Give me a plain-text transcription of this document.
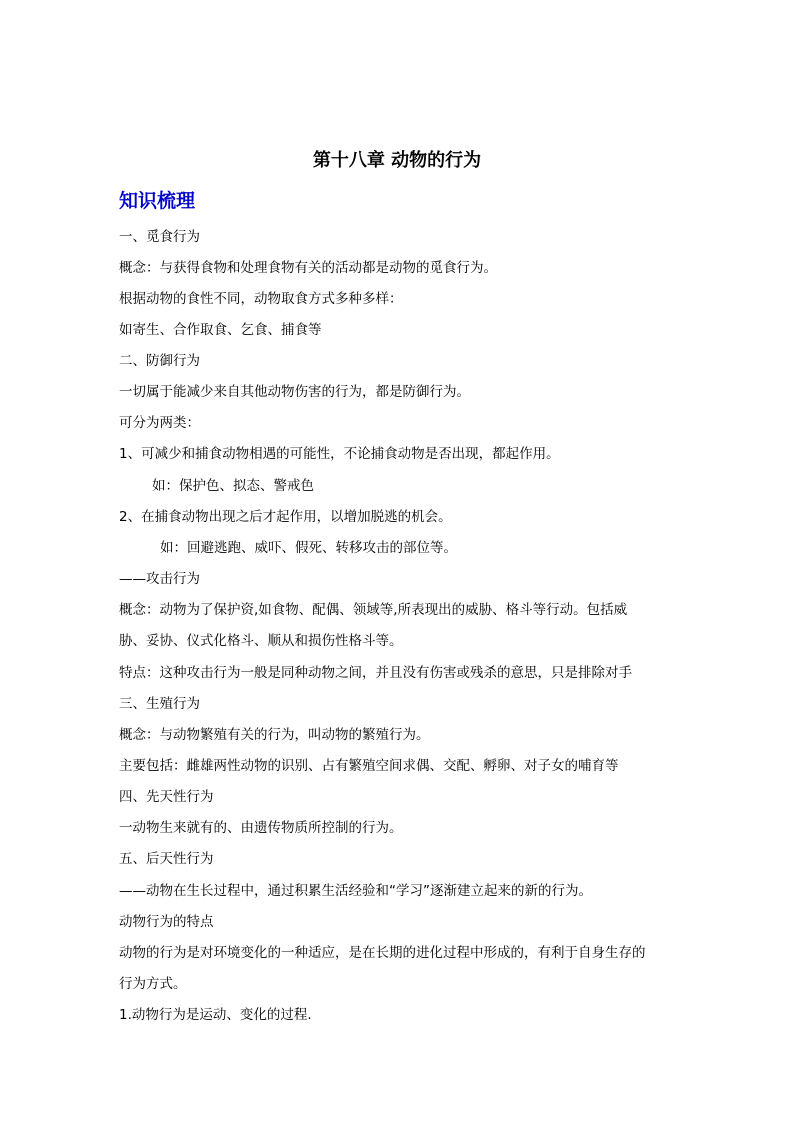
第十八章 动物的行为
知识梳理
一、觅食行为
概念：与获得食物和处理食物有关的活动都是动物的觅食行为。
根据动物的食性不同，动物取食方式多种多样：
如寄生、合作取食、乞食、捕食等
二、防御行为
一切属于能减少来自其他动物伤害的行为，都是防御行为。
可分为两类：
1、可减少和捕食动物相遇的可能性，不论捕食动物是否出现，都起作用。
如：保护色、拟态、警戒色
2、在捕食动物出现之后才起作用，以增加脱逃的机会。
如：回避逃跑、威吓、假死、转移攻击的部位等。
——攻击行为
概念：动物为了保护资,如食物、配偶、领域等,所表现出的威胁、格斗等行动。包括威
胁、妥协、仪式化格斗、顺从和损伤性格斗等。
特点：这种攻击行为一般是同种动物之间，并且没有伤害或残杀的意思，只是排除对手
三、生殖行为
概念：与动物繁殖有关的行为，叫动物的繁殖行为。
主要包括：雌雄两性动物的识别、占有繁殖空间求偶、交配、孵卵、对子女的哺育等
四、先天性行为
一动物生来就有的、由遗传物质所控制的行为。
五、后天性行为
——动物在生长过程中，通过积累生活经验和“学习”逐渐建立起来的新的行为。
动物行为的特点
动物的行为是对环境变化的一种适应，是在长期的进化过程中形成的，有利于自身生存的
行为方式。
1.动物行为是运动、变化的过程.
